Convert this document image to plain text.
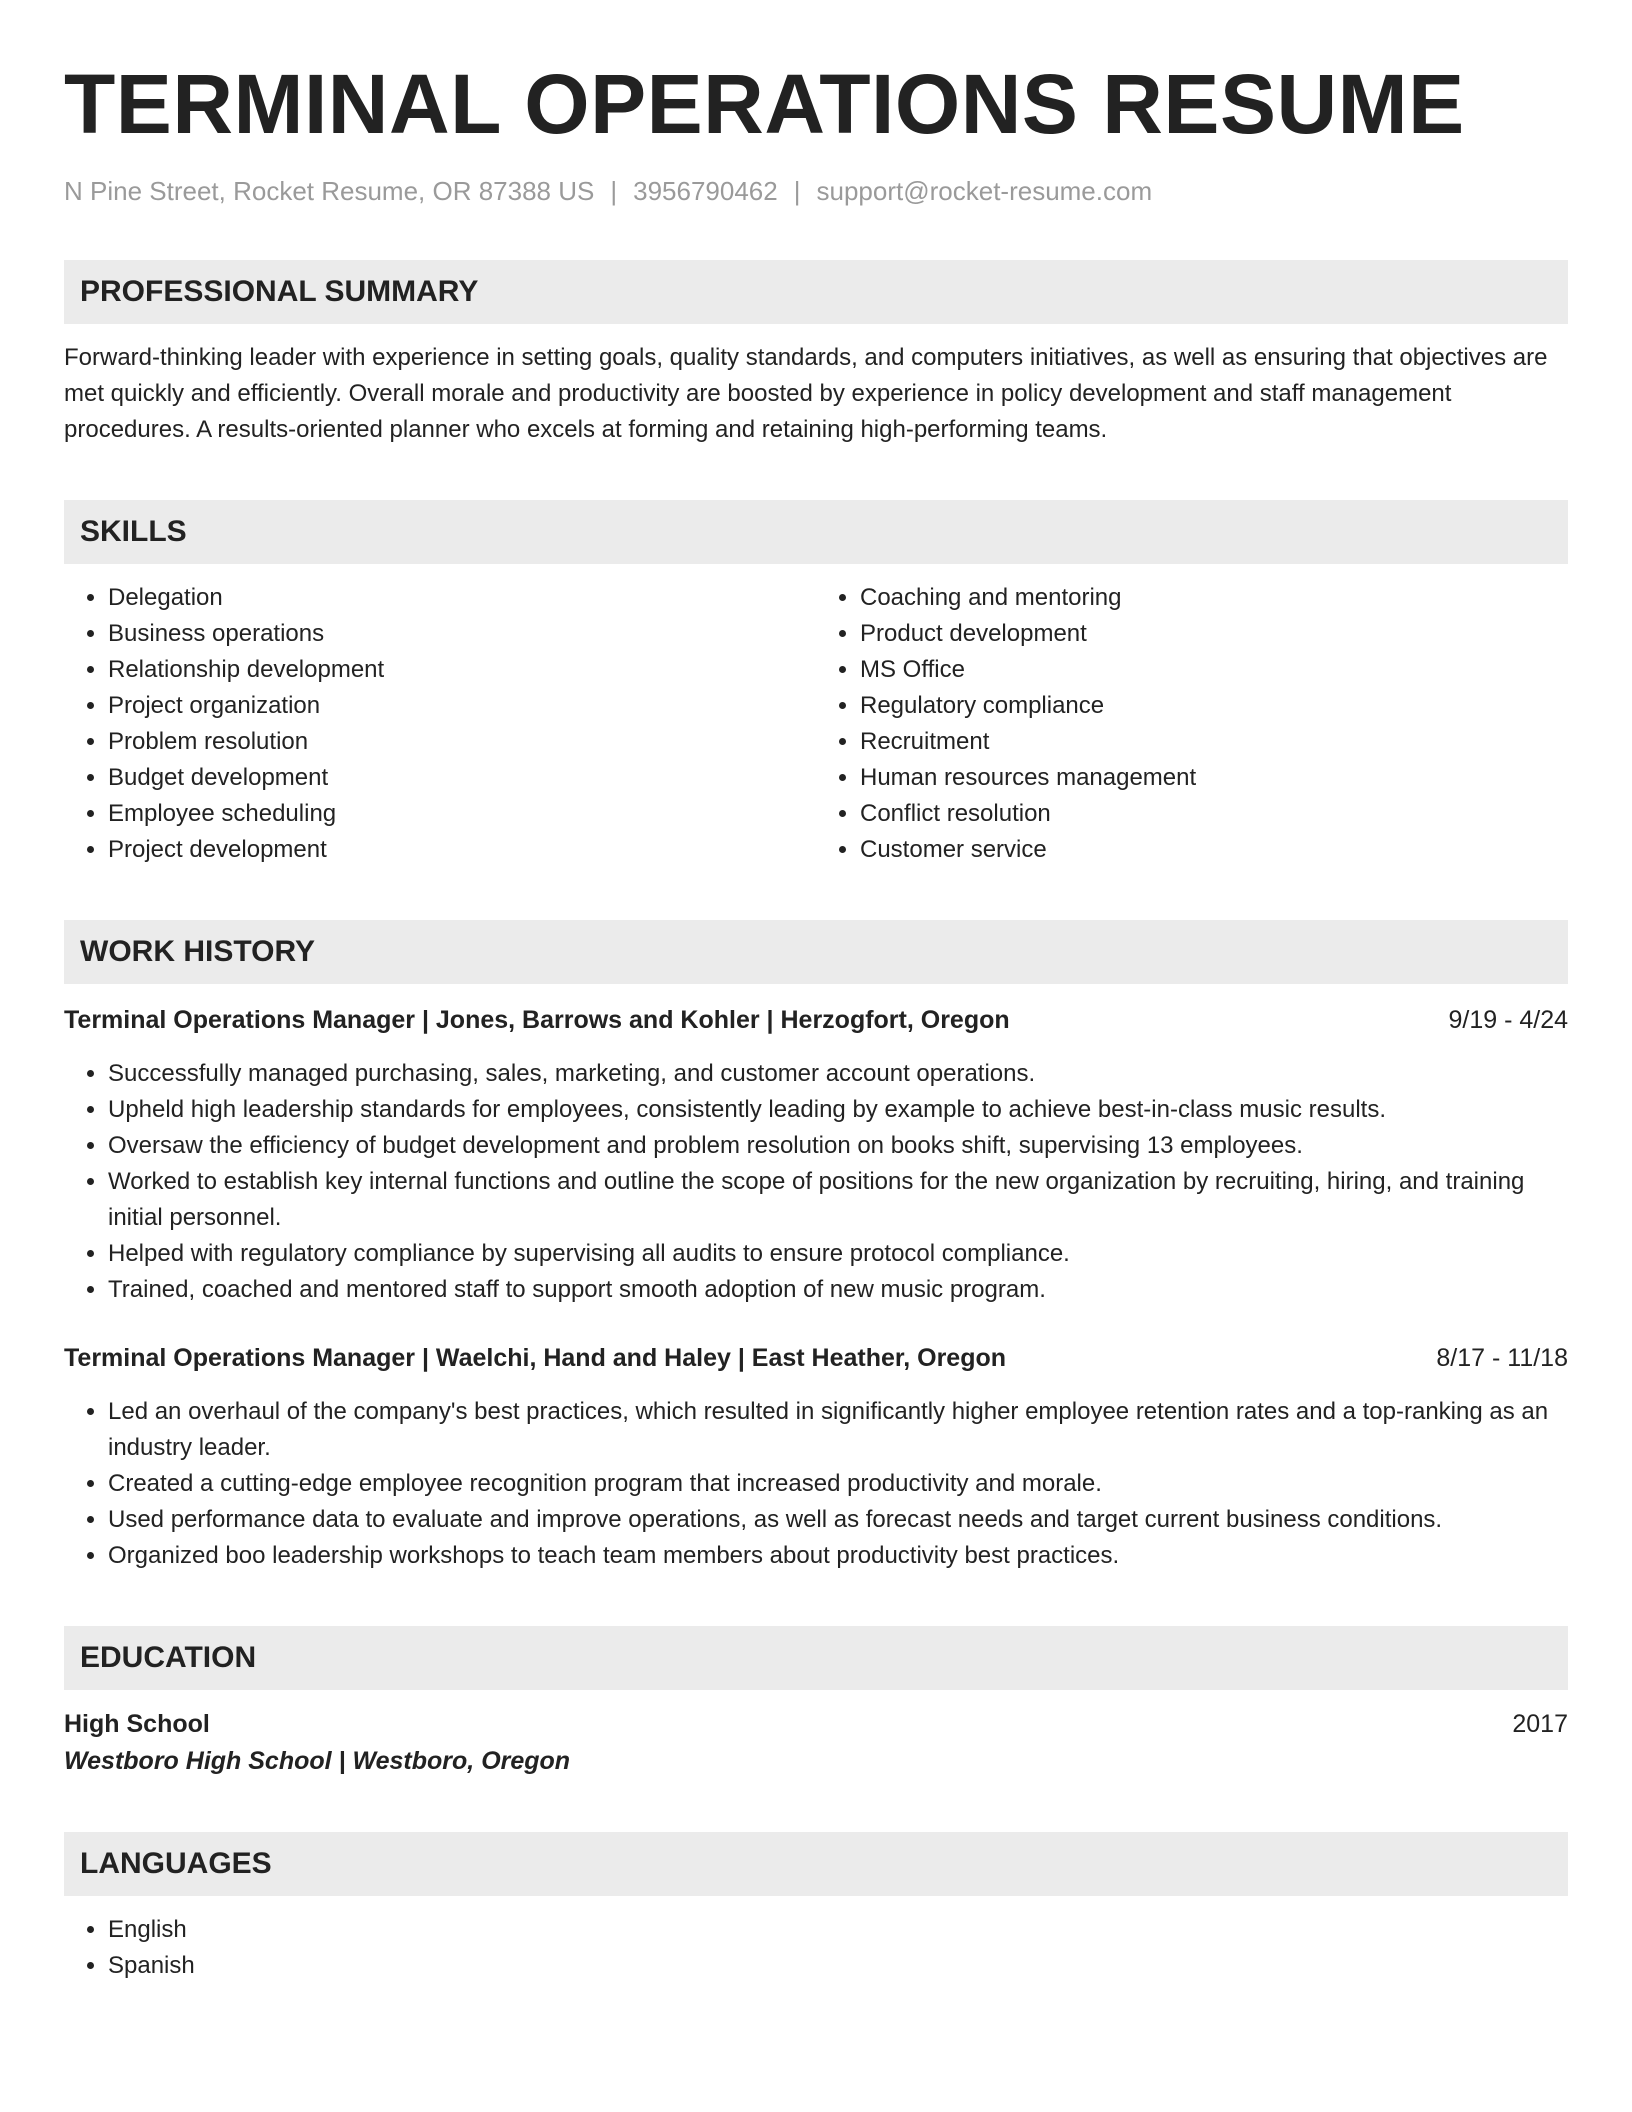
TERMINAL OPERATIONS RESUME
N Pine Street, Rocket Resume, OR 87388 US | 3956790462 | support@rocket-resume.com
PROFESSIONAL SUMMARY

Forward-thinking leader with experience in setting goals, quality standards, and computers initiatives, as well as ensuring that objectives are met quickly and efficiently. Overall morale and productivity are boosted by experience in policy development and staff management procedures. A results-oriented planner who excels at forming and retaining high-performing teams.

SKILLS
• Delegation
• Business operations
• Relationship development
• Project organization
• Problem resolution
• Budget development
• Employee scheduling
• Project development
• Coaching and mentoring
• Product development
• MS Office
• Regulatory compliance
• Recruitment
• Human resources management
• Conflict resolution
• Customer service
WORK HISTORY
Terminal Operations Manager | Jones, Barrows and Kohler | Herzogfort, Oregon	9/19 - 4/24
• Successfully managed purchasing, sales, marketing, and customer account operations.
• Upheld high leadership standards for employees, consistently leading by example to achieve best-in-class music results.
• Oversaw the efficiency of budget development and problem resolution on books shift, supervising 13 employees.
• Worked to establish key internal functions and outline the scope of positions for the new organization by recruiting, hiring, and training initial personnel.
• Helped with regulatory compliance by supervising all audits to ensure protocol compliance.
• Trained, coached and mentored staff to support smooth adoption of new music program.
Terminal Operations Manager | Waelchi, Hand and Haley | East Heather, Oregon	8/17 - 11/18
• Led an overhaul of the company's best practices, which resulted in significantly higher employee retention rates and a top-ranking as an industry leader.
• Created a cutting-edge employee recognition program that increased productivity and morale.
• Used performance data to evaluate and improve operations, as well as forecast needs and target current business conditions.
• Organized boo leadership workshops to teach team members about productivity best practices.
EDUCATION
High School	2017
Westboro High School | Westboro, Oregon
LANGUAGES
• English
• Spanish
